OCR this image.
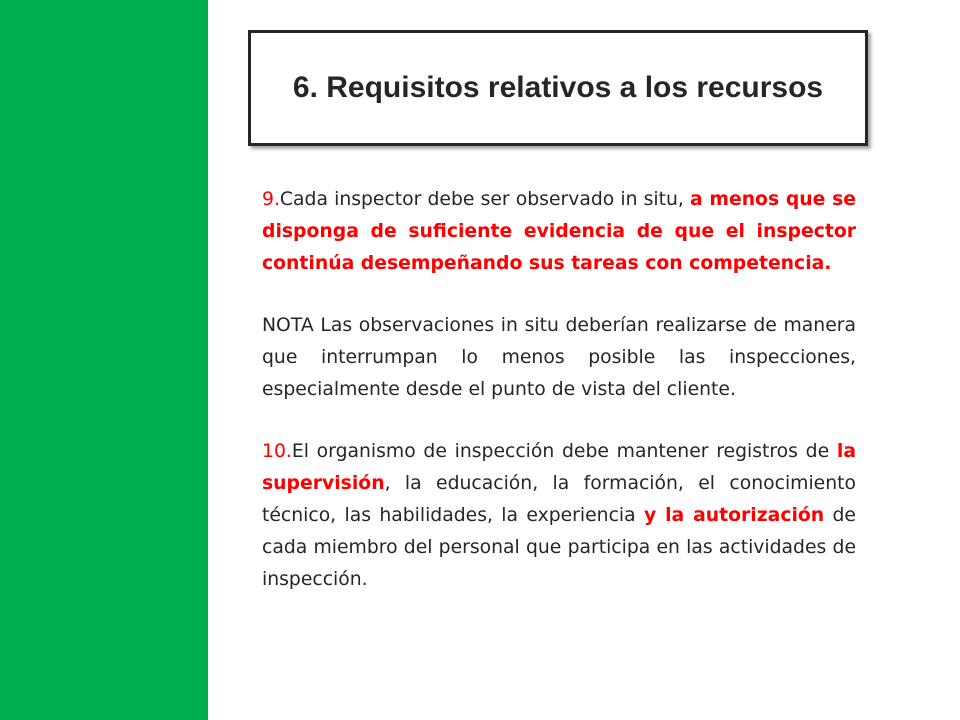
6. Requisitos relativos a los recursos

9.Cada inspector debe ser observado in situ, a menos que se disponga de suficiente evidencia de que el inspector continúa desempeñando sus tareas con competencia.

NOTA Las observaciones in situ deberían realizarse de manera que interrumpan lo menos posible las inspecciones, especialmente desde el punto de vista del cliente.

10.El organismo de inspección debe mantener registros de la supervisión, la educación, la formación, el conocimiento técnico, las habilidades, la experiencia y la autorización de cada miembro del personal que participa en las actividades de inspección.
